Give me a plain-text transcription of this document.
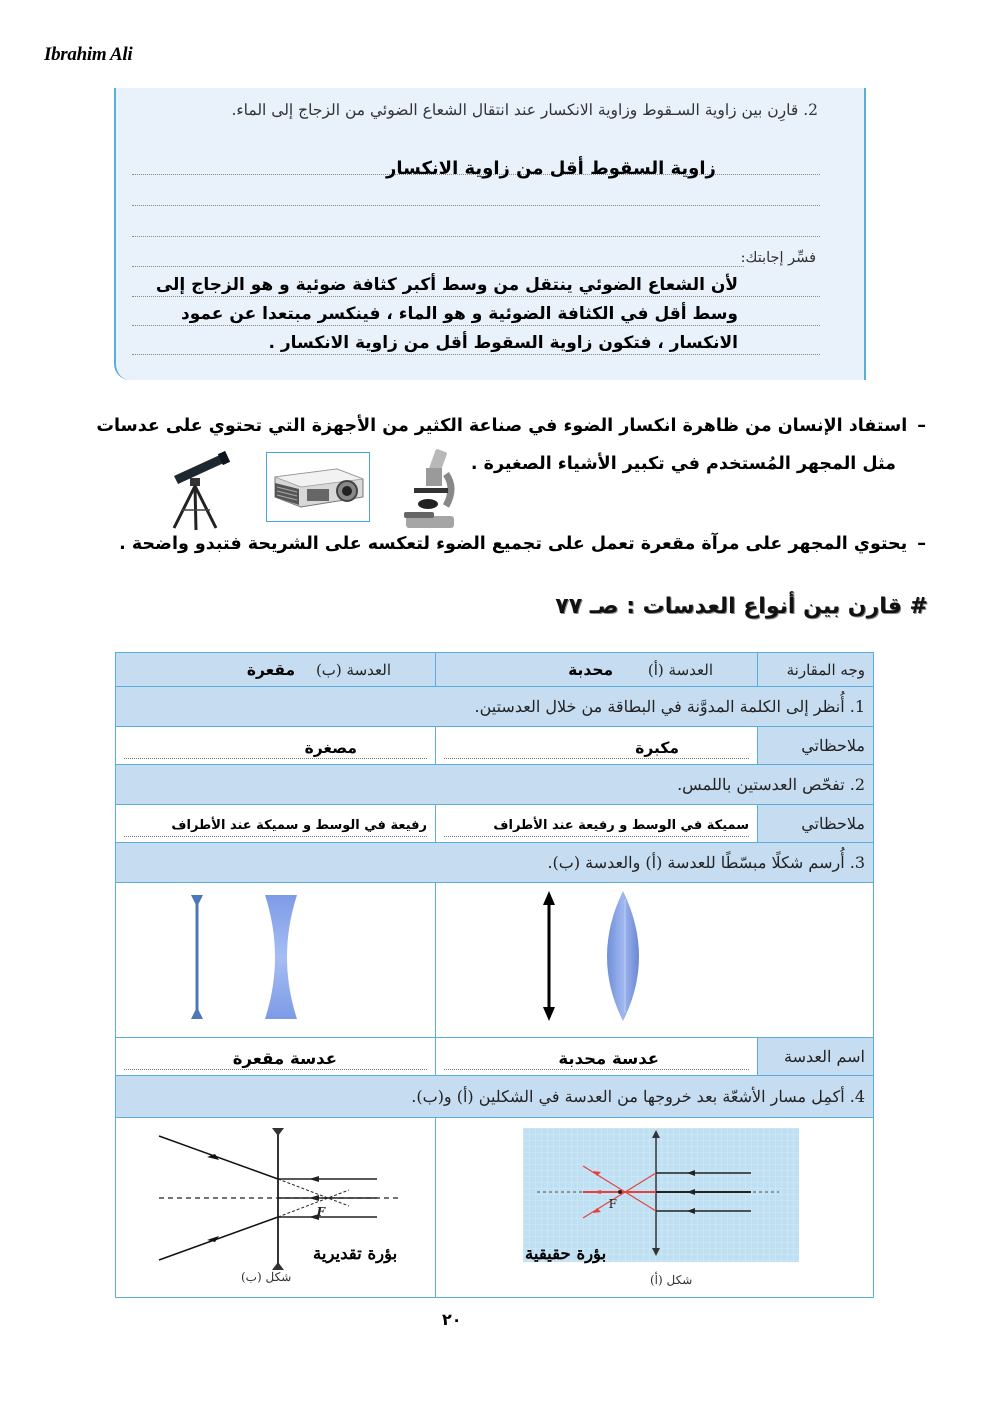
Ibrahim Ali
2. قارِن بين زاوية السـقوط وزاوية الانكسار عند انتقال الشعاع الضوئي من الزجاج إلى الماء.
زاوية السقوط أقل من زاوية الانكسار
فسِّر إجابتك:
لأن الشعاع الضوئي ينتقل من وسط أكبر كثافة ضوئية و هو الزجاج إلى وسط أقل في الكثافة الضوئية و هو الماء ، فينكسر مبتعدا عن عمود الانكسار ، فتكون زاوية السقوط أقل من زاوية الانكسار .
–استفاد الإنسان من ظاهرة انكسار الضوء في صناعة الكثير من الأجهزة التي تحتوي على عدسات
مثل المجهر المُستخدم في تكبير الأشياء الصغيرة .
–يحتوي المجهر على مرآة مقعرة تعمل على تجميع الضوء لتعكسه على الشريحة فتبدو واضحة .
# قارن بين أنواع العدسات : صـ ٧٧
وجه المقارنة	العدسة (أ) محدبة	العدسة (ب) مقعرة
1. أُنظر إلى الكلمة المدوَّنة في البطاقة من خلال العدستين.		
ملاحظاتي	مكبرة	مصغرة

2. تفحّص العدستين باللمس.		
ملاحظاتي	سميكة في الوسط و رفيعة عند الأطراف	رفيعة في الوسط و سميكة عند الأطراف

3. أُرسم شكلًا مبسّطًا للعدسة (أ) والعدسة (ب).		

اسم العدسة	عدسة محدبة	عدسة مقعرة

4. أكمِل مسار الأشعّة بعد خروجها من العدسة في الشكلين (أ) و(ب).		

F
بؤرة حقيقية
شكل (أ)

F
بؤرة تقديرية
شكل (ب)
٢٠
